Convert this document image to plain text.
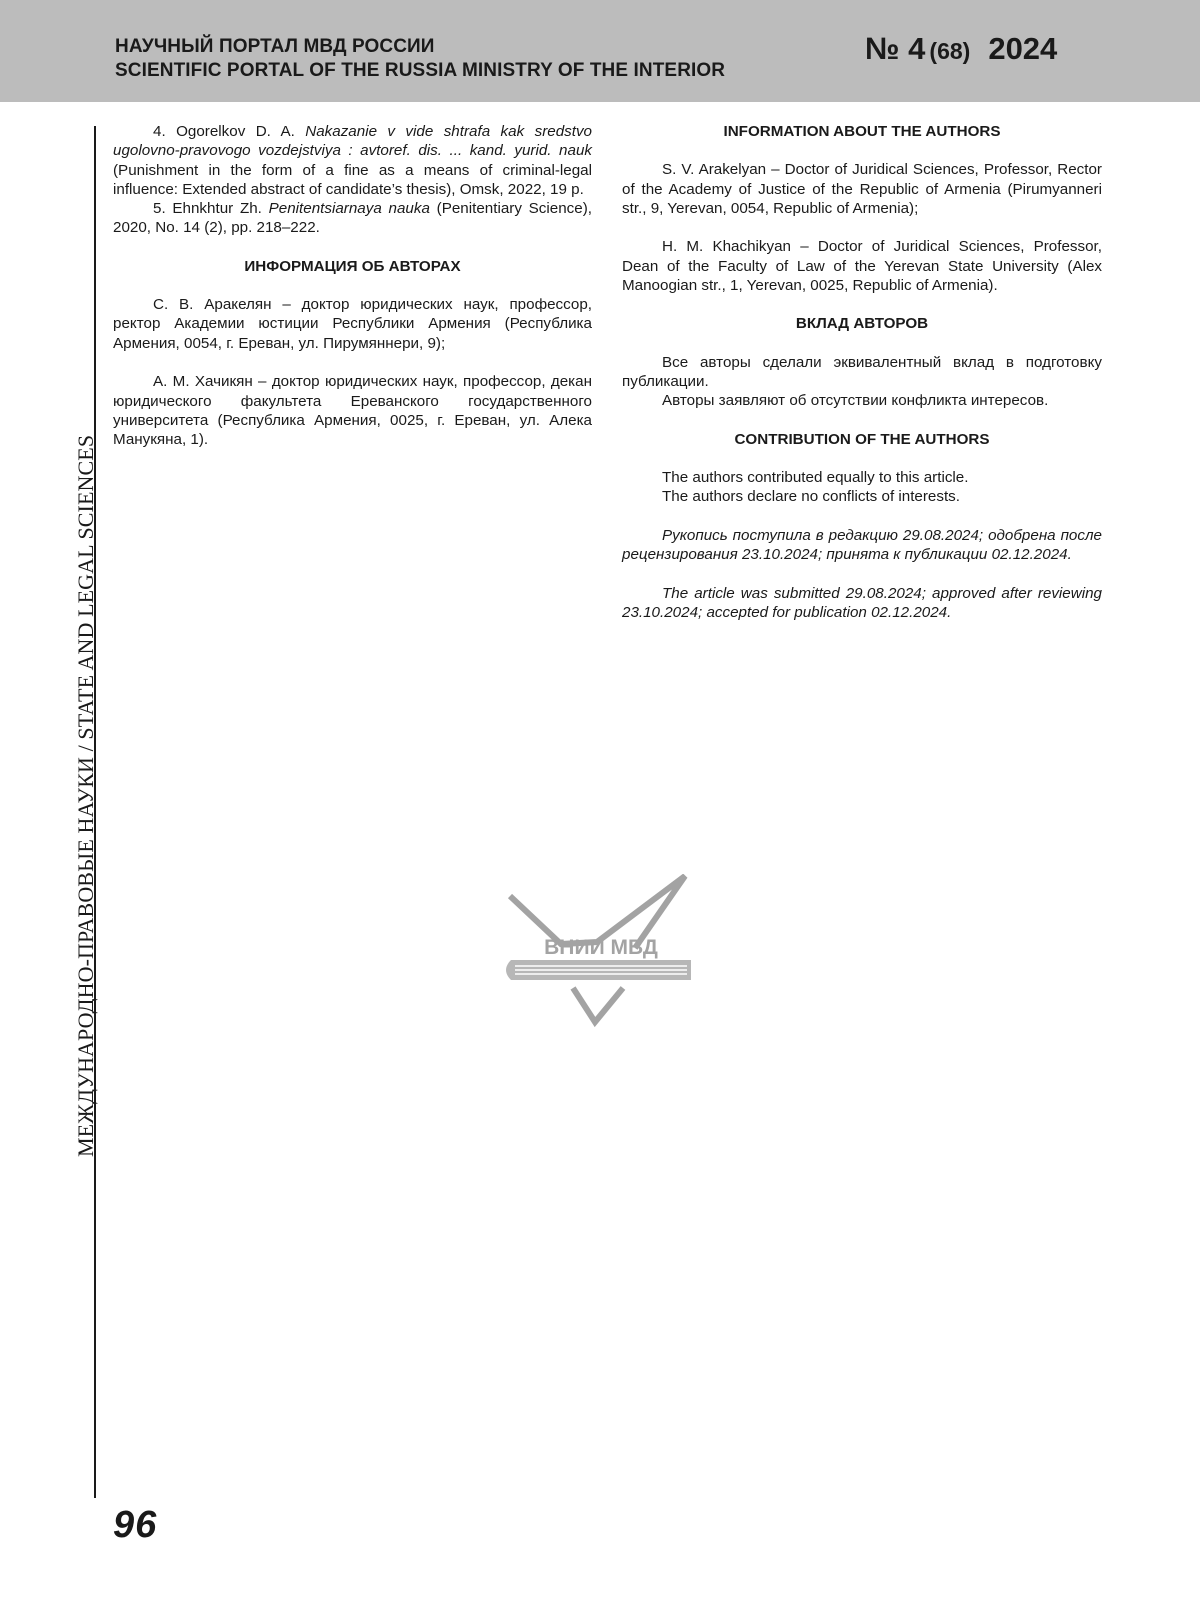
НАУЧНЫЙ ПОРТАЛ МВД РОССИИ
SCIENTIFIC PORTAL OF THE RUSSIA MINISTRY OF THE INTERIOR
№ 4 (68) 2024
МЕЖДУНАРОДНО-ПРАВОВЫЕ НАУКИ / STATE AND LEGAL SCIENCES
96

4. Ogorelkov D. A. Nakazanie v vide shtrafa kak sredstvo ugolovno-pravovogo vozdejstviya : avtoref. dis. ... kand. yurid. nauk (Punishment in the form of a fine as a means of criminal-legal influence: Extended abstract of candidate’s thesis), Omsk, 2022, 19 p.

5. Ehnkhtur Zh. Penitentsiarnaya nauka (Penitentiary Science), 2020, No. 14 (2), pp. 218–222.

ИНФОРМАЦИЯ ОБ АВТОРАХ

С. В. Аракелян – доктор юридических наук, профессор, ректор Академии юстиции Республики Армения (Республика Армения, 0054, г. Ереван, ул. Пирумяннери, 9);

А. М. Хачикян – доктор юридических наук, профессор, декан юридического факультета Ереванского государственного университета (Республика Армения, 0025, г. Ереван, ул. Алека Манукяна, 1).

INFORMATION ABOUT THE AUTHORS

S. V. Arakelyan – Doctor of Juridical Sciences, Professor, Rector of the Academy of Justice of the Republic of Armenia (Pirumyanneri str., 9, Yerevan, 0054, Republic of Armenia);

H. M. Khachikyan – Doctor of Juridical Sciences, Professor, Dean of the Faculty of Law of the Yerevan State University (Alex Manoogian str., 1, Yerevan, 0025, Republic of Armenia).

ВКЛАД АВТОРОВ

Все авторы сделали эквивалентный вклад в подготовку публикации.

Авторы заявляют об отсутствии конфликта интересов.

CONTRIBUTION OF THE AUTHORS

The authors contributed equally to this article.

The authors declare no conflicts of interests.

Рукопись поступила в редакцию 29.08.2024; одобрена после рецензирования 23.10.2024; принята к публикации 02.12.2024.

The article was submitted 29.08.2024; approved after reviewing 23.10.2024; accepted for publication 02.12.2024.

ВНИИ МВД
